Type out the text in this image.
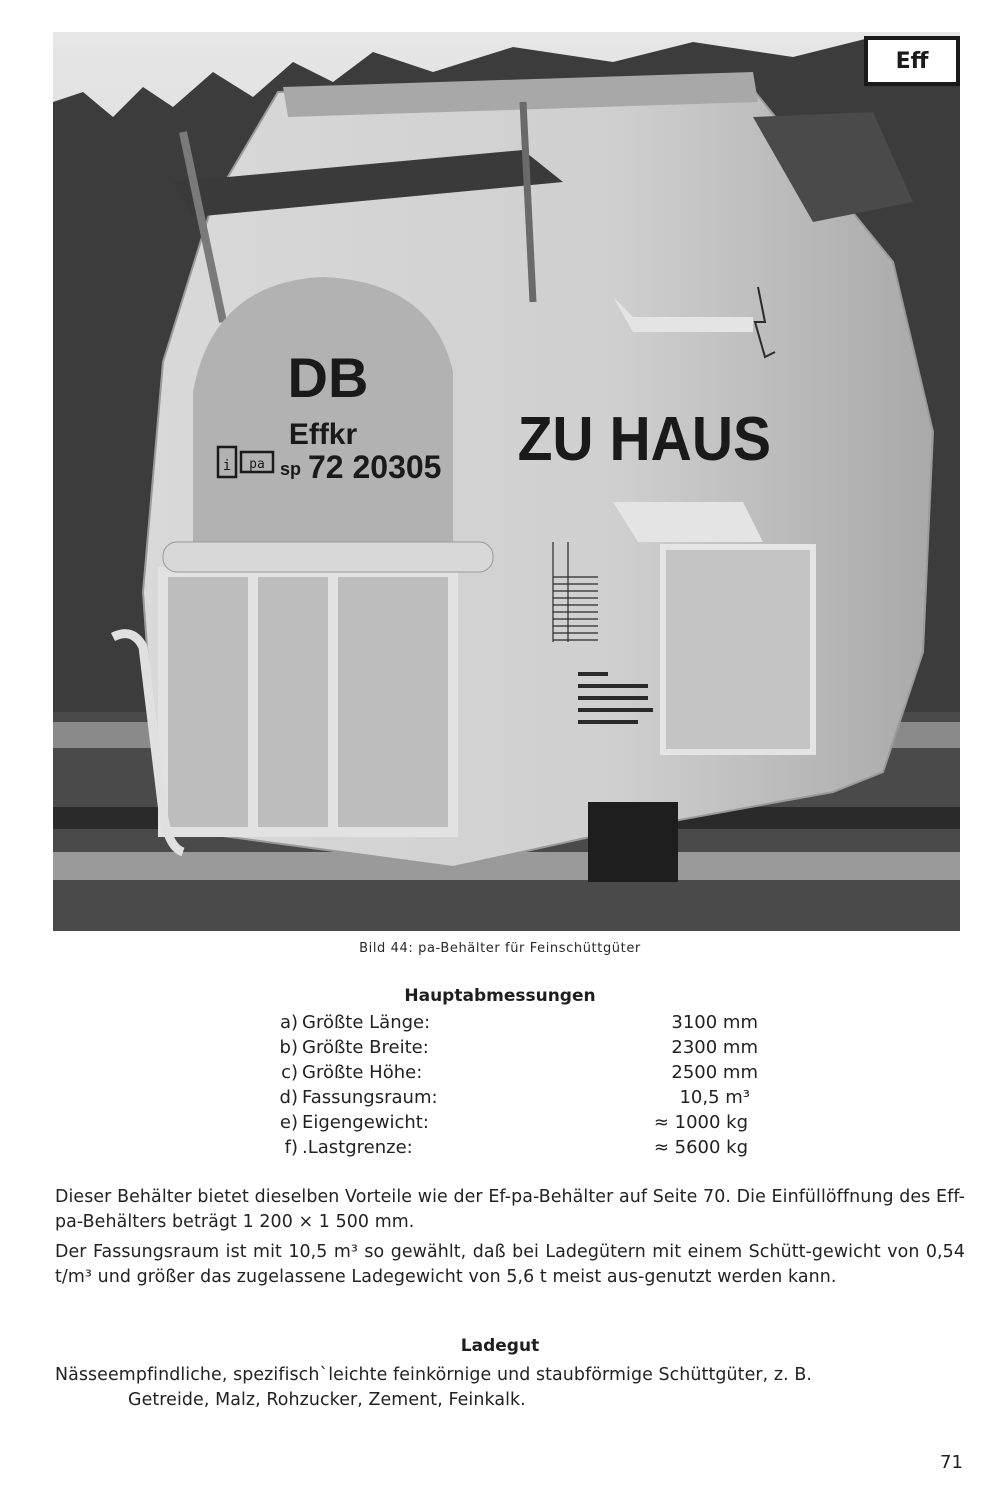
DB
Effkr
i pa sp 72 20305 ZU HAUS
Eff
Bild 44: pa-Behälter für Feinschüttgüter
Hauptabmessungen
a) Größte Länge:	3100 mm
b) Größte Breite:	2300 mm
c) Größte Höhe:	2500 mm
d) Fassungsraum:	10,5 m³
e) Eigengewicht:	≈ 1000 kg
f) .Lastgrenze:	≈ 5600 kg
Dieser Behälter bietet dieselben Vorteile wie der Ef-pa-Behälter auf Seite 70. Die Einfüllöffnung des Eff-pa-Behälters beträgt 1 200 × 1 500 mm.
Der Fassungsraum ist mit 10,5 m³ so gewählt, daß bei Ladegütern mit einem Schütt-gewicht von 0,54 t/m³ und größer das zugelassene Ladegewicht von 5,6 t meist aus-genutzt werden kann.
Ladegut
Nässeempfindliche, spezifisch`leichte feinkörnige und staubförmige Schüttgüter, z. B.
Getreide, Malz, Rohzucker, Zement, Feinkalk.
71
